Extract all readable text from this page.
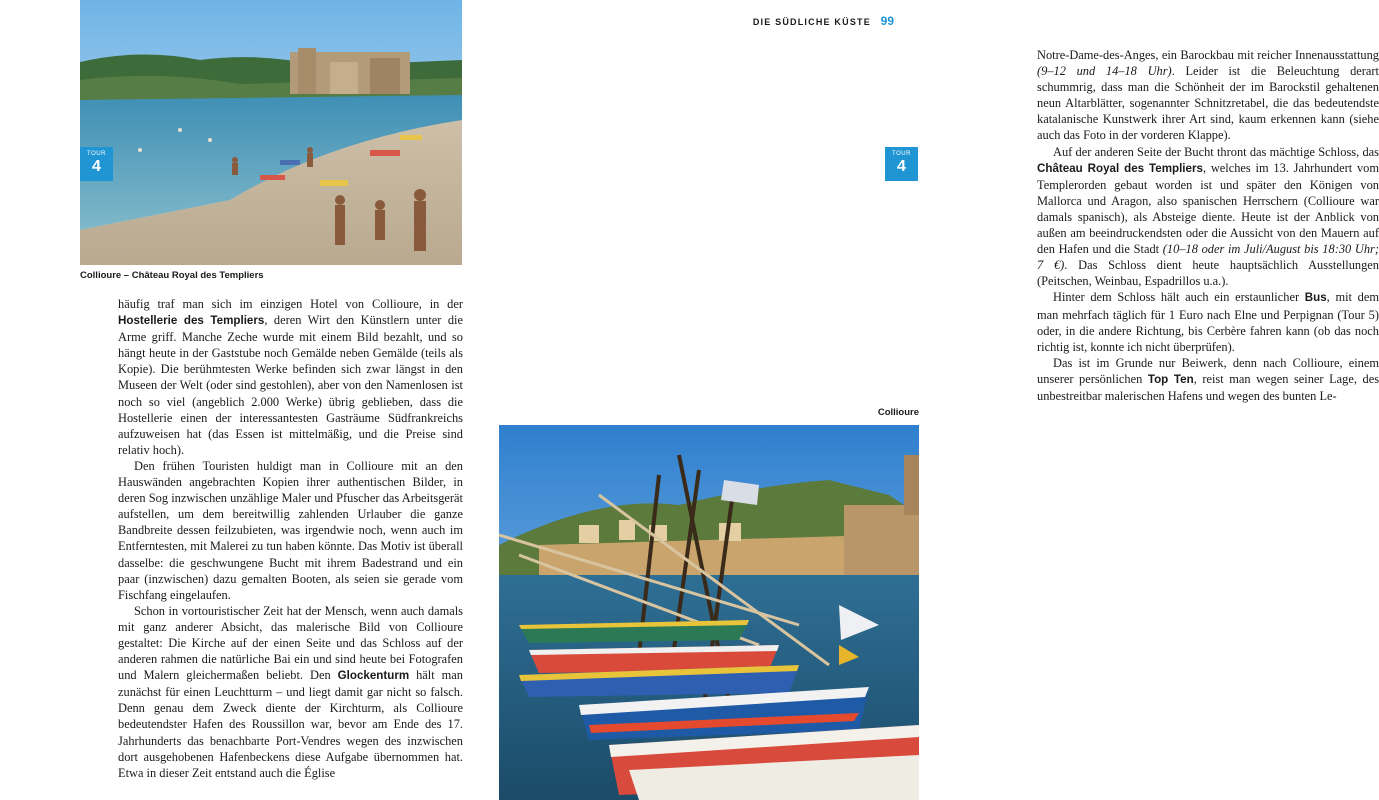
Collioure – Château Royal des Templiers
TOUR
4

häufig traf man sich im einzigen Hotel von Collioure, in der Hostellerie des Templiers, deren Wirt den Künstlern unter die Arme griff. Manche Zeche wurde mit einem Bild bezahlt, und so hängt heute in der Gaststube noch Gemälde neben Gemälde (teils als Kopie). Die berühmtesten Werke befinden sich zwar längst in den Museen der Welt (oder sind gestohlen), aber von den Namenlosen ist noch so viel (angeblich 2.000 Werke) übrig geblieben, dass die Hostellerie einen der interessantesten Gasträume Südfrankreichs aufzuweisen hat (das Essen ist mittelmäßig, und die Preise sind relativ hoch).

Den frühen Touristen huldigt man in Collioure mit an den Hauswänden angebrachten Kopien ihrer authentischen Bilder, in deren Sog inzwischen unzählige Maler und Pfuscher das Arbeitsgerät aufstellen, um dem bereitwillig zahlenden Urlauber die ganze Bandbreite dessen feilzubieten, was irgendwie noch, wenn auch im Entferntesten, mit Malerei zu tun haben könnte. Das Motiv ist überall dasselbe: die geschwungene Bucht mit ihrem Badestrand und ein paar (inzwischen) dazu gemalten Booten, als seien sie gerade vom Fischfang eingelaufen.

Schon in vortouristischer Zeit hat der Mensch, wenn auch damals mit ganz anderer Absicht, das malerische Bild von Collioure gestaltet: Die Kirche auf der einen Seite und das Schloss auf der anderen rahmen die natürliche Bai ein und sind heute bei Fotografen und Malern gleichermaßen beliebt. Den Glockenturm hält man zunächst für einen Leuchtturm – und liegt damit gar nicht so falsch. Denn genau dem Zweck diente der Kirchturm, als Collioure bedeutendster Hafen des Roussillon war, bevor am Ende des 17. Jahrhunderts das benachbarte Port-Vendres wegen des inzwischen dort ausgehobenen Hafenbeckens diese Aufgabe übernommen hat. Etwa in dieser Zeit entstand auch die Église

DIE SÜDLICHE KÜSTE 99

Notre-Dame-des-Anges, ein Barockbau mit reicher Innenausstattung (9–12 und 14–18 Uhr). Leider ist die Beleuchtung derart schummrig, dass man die Schönheit der im Barockstil gehaltenen neun Altarblätter, sogenannter Schnitzretabel, die das bedeutendste katalanische Kunstwerk ihrer Art sind, kaum erkennen kann (siehe auch das Foto in der vorderen Klappe).

Auf der anderen Seite der Bucht thront das mächtige Schloss, das Château Royal des Templiers, welches im 13. Jahrhundert vom Templerorden gebaut worden ist und später den Königen von Mallorca und Aragon, also spanischen Herrschern (Collioure war damals spanisch), als Absteige diente. Heute ist der Anblick von außen am beeindruckendsten oder die Aussicht von den Mauern auf den Hafen und die Stadt (10–18 oder im Juli/August bis 18:30 Uhr; 7 €). Das Schloss dient heute hauptsächlich Ausstellungen (Peitschen, Weinbau, Espadrillos u.a.).

Hinter dem Schloss hält auch ein erstaunlicher Bus, mit dem man mehrfach täglich für 1 Euro nach Elne und Perpignan (Tour 5) oder, in die andere Richtung, bis Cerbère fahren kann (ob das noch richtig ist, konnte ich nicht überprüfen).

Das ist im Grunde nur Beiwerk, denn nach Collioure, einem unserer persönlichen Top Ten, reist man wegen seiner Lage, des unbestreitbar malerischen Hafens und wegen des bunten Le-

Collioure
TOUR
4
